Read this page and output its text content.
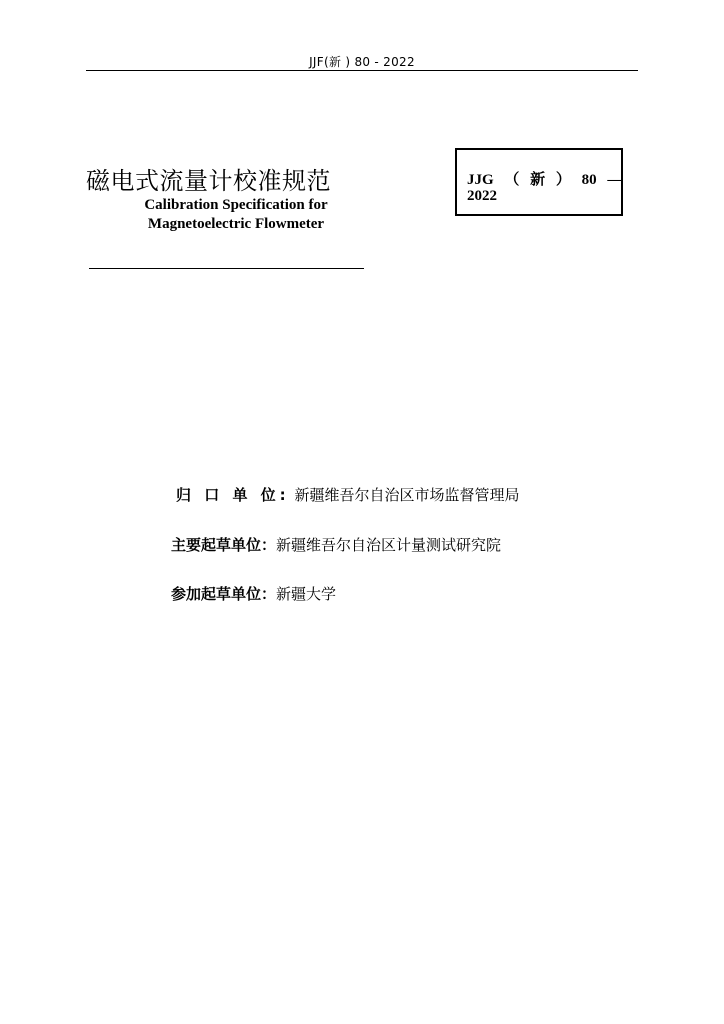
JJF(新 ) 80 - 2022
磁电式流量计校准规范
Calibration Specification for
Magnetoelectric Flowmeter
JJG （ 新 ） 80 —
2022
归 口 单 位: 新疆维吾尔自治区市场监督管理局
主要起草单位：新疆维吾尔自治区计量测试研究院
参加起草单位：新疆大学
